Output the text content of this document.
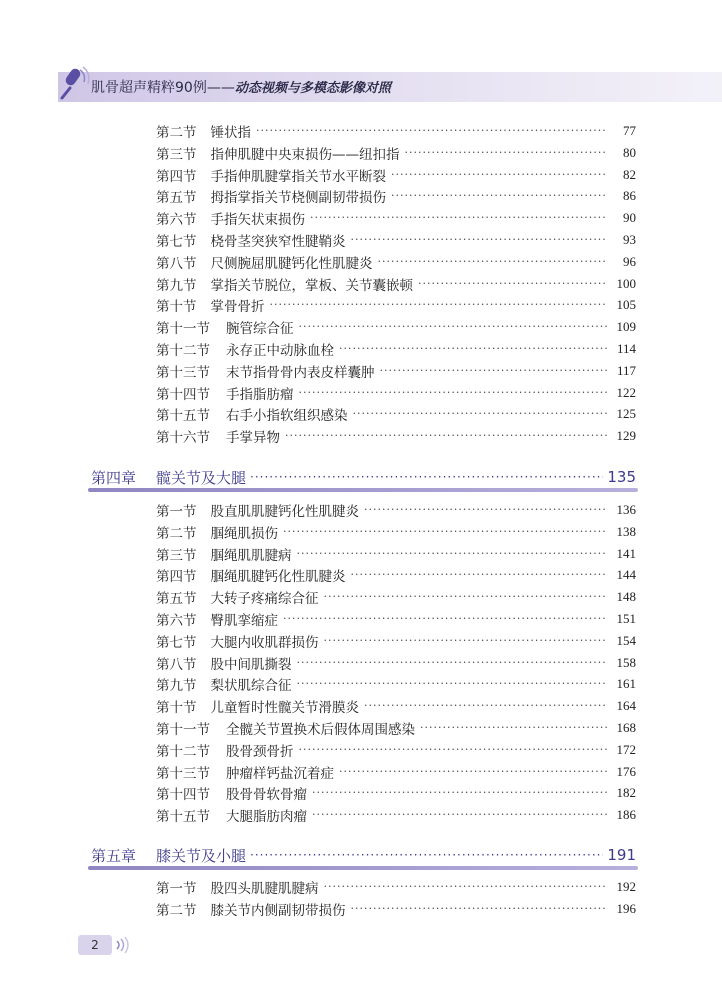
肌骨超声精粹90例——动态视频与多模态影像对照
第二节 锤状指 ·····	77
第三节 指伸肌腱中央束损伤——纽扣指 ·····	80
第四节 手指伸肌腱掌指关节水平断裂 ·····	82
第五节 拇指掌指关节桡侧副韧带损伤 ·····	86
第六节 手指矢状束损伤 ·····	90
第七节 桡骨茎突狭窄性腱鞘炎 ·····	93
第八节 尺侧腕屈肌腱钙化性肌腱炎 ·····	96
第九节 掌指关节脱位，掌板、关节囊嵌顿 ·····	100
第十节 掌骨骨折 ·····	105
第十一节 腕管综合征 ·····	109
第十二节 永存正中动脉血栓 ·····	114
第十三节 末节指骨骨内表皮样囊肿 ·····	117
第十四节 手指脂肪瘤 ·····	122
第十五节 右手小指软组织感染 ·····	125
第十六节 手掌异物 ·····	129
第四章 髋关节及大腿 ·····	135
第一节 股直肌肌腱钙化性肌腱炎 ·····	136
第二节 腘绳肌损伤 ·····	138
第三节 腘绳肌肌腱病 ·····	141
第四节 腘绳肌腱钙化性肌腱炎 ·····	144
第五节 大转子疼痛综合征 ·····	148
第六节 臀肌挛缩症 ·····	151
第七节 大腿内收肌群损伤 ·····	154
第八节 股中间肌撕裂 ·····	158
第九节 梨状肌综合征 ·····	161
第十节 儿童暂时性髋关节滑膜炎 ·····	164
第十一节 全髋关节置换术后假体周围感染 ·····	168
第十二节 股骨颈骨折 ·····	172
第十三节 肿瘤样钙盐沉着症 ·····	176
第十四节 股骨骨软骨瘤 ·····	182
第十五节 大腿脂肪肉瘤 ·····	186
第五章 膝关节及小腿 ·····	191
第一节 股四头肌腱肌腱病 ·····	192
第二节 膝关节内侧副韧带损伤 ·····	196
2
